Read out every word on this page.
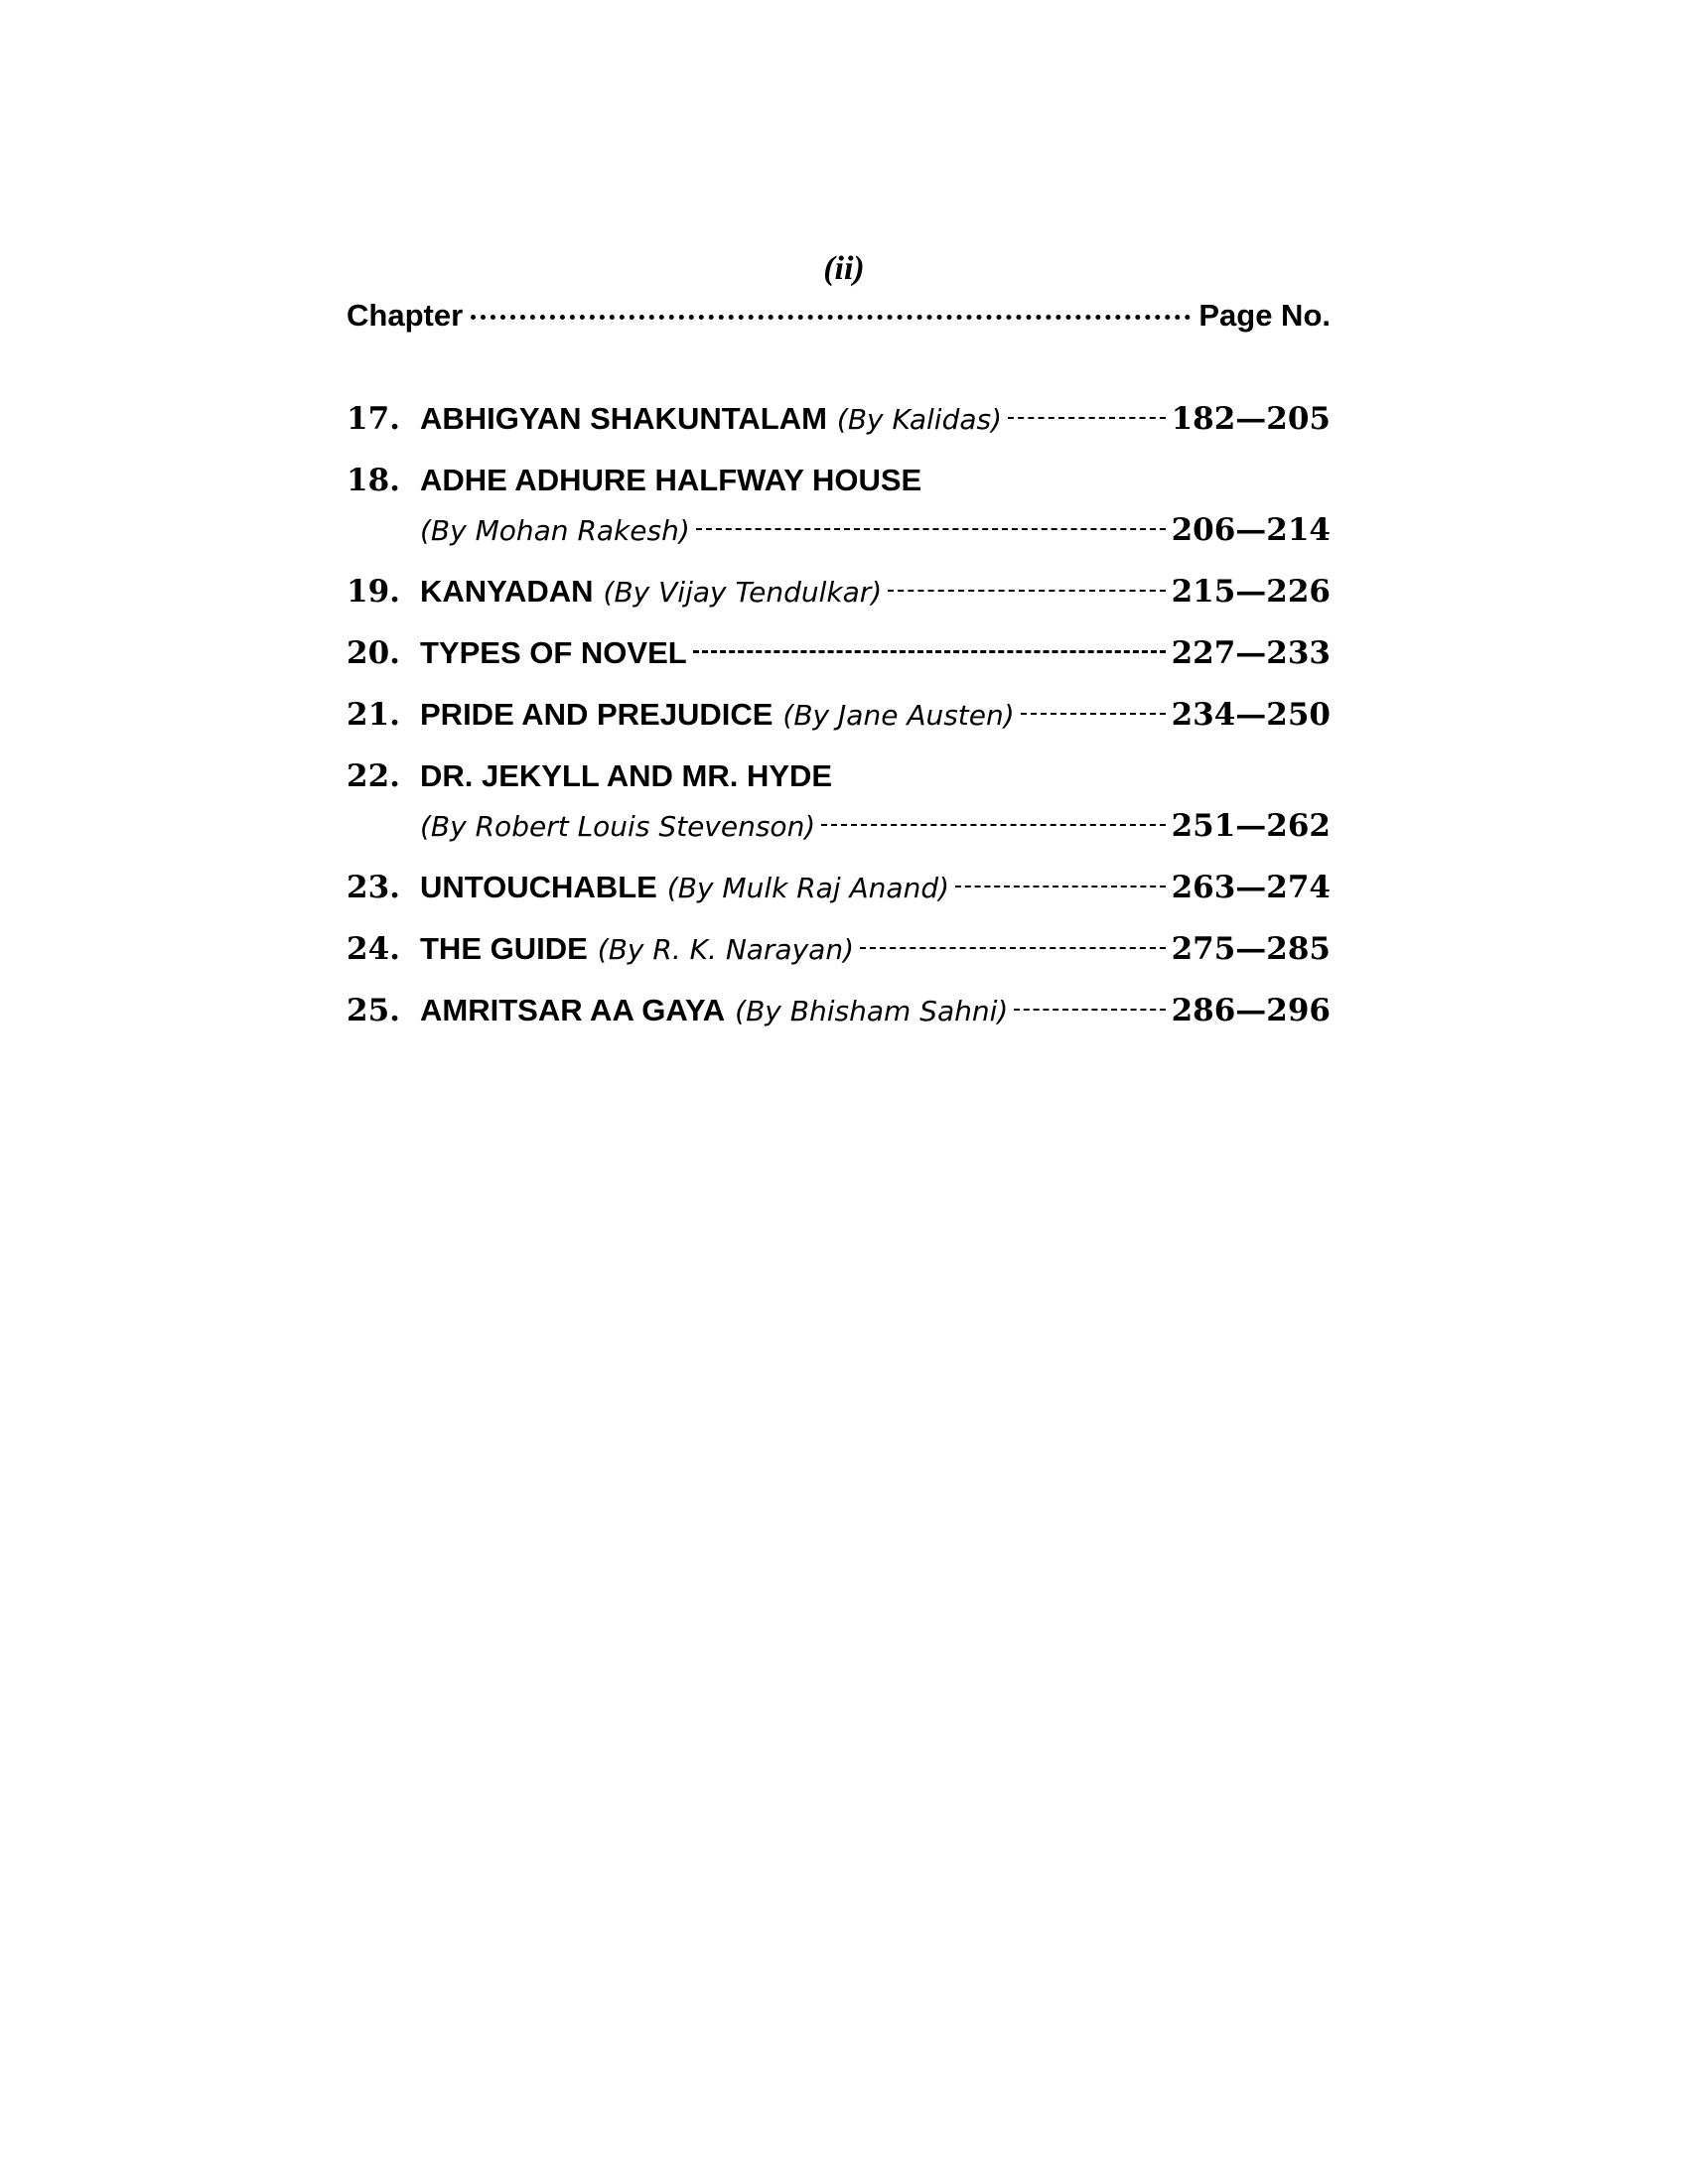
(ii)
Chapter	Page No.
17. ABHIGYAN SHAKUNTALAM (By Kalidas)	182—205
18. ADHE ADHURE HALFWAY HOUSE
(By Mohan Rakesh)	206—214
19. KANYADAN (By Vijay Tendulkar)	215—226
20. TYPES OF NOVEL	227—233
21. PRIDE AND PREJUDICE (By Jane Austen)	234—250
22. DR. JEKYLL AND MR. HYDE
(By Robert Louis Stevenson)	251—262
23. UNTOUCHABLE (By Mulk Raj Anand)	263—274
24. THE GUIDE (By R. K. Narayan)	275—285
25. AMRITSAR AA GAYA (By Bhisham Sahni)	286—296
